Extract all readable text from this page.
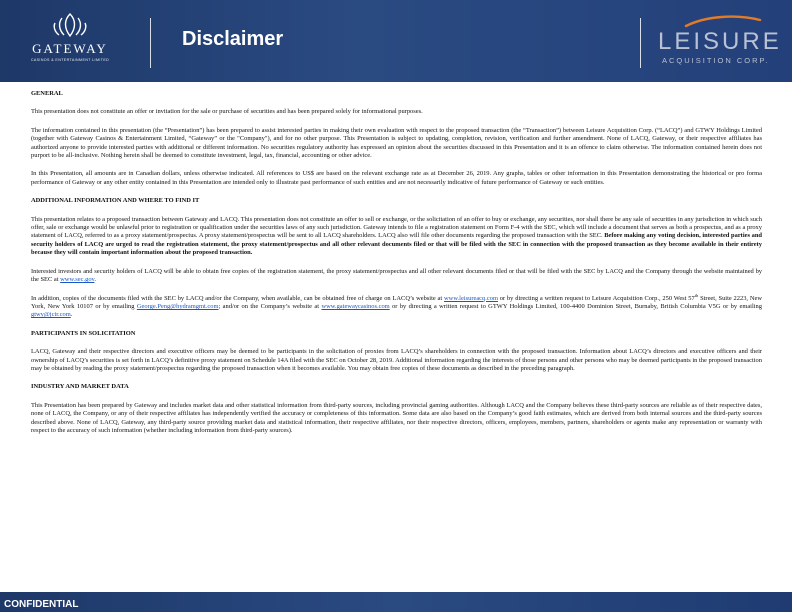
GATEWAY
CASINOS & ENTERTAINMENT LIMITED
Disclaimer	LEISURE
ACQUISITION CORP.
GENERAL

This presentation does not constitute an offer or invitation for the sale or purchase of securities and has been prepared solely for informational purposes.

The information contained in this presentation (the “Presentation”) has been prepared to assist interested parties in making their own evaluation with respect to the proposed transaction (the “Transaction”) between Leisure Acquisition Corp. (“LACQ”) and GTWY Holdings Limited (together with Gateway Casinos & Entertainment Limited, “Gateway” or the "Company"), and for no other purpose. This Presentation is subject to updating, completion, revision, verification and further amendment. None of LACQ, Gateway, or their respective affiliates has authorized anyone to provide interested parties with additional or different information. No securities regulatory authority has expressed an opinion about the securities discussed in this Presentation and it is an offence to claim otherwise. The information contained herein does not purport to be all-inclusive. Nothing herein shall be deemed to constitute investment, legal, tax, financial, accounting or other advice.

In this Presentation, all amounts are in Canadian dollars, unless otherwise indicated. All references to US$ are based on the relevant exchange rate as at December 26, 2019. Any graphs, tables or other information in this Presentation demonstrating the historical or pro forma performance of Gateway or any other entity contained in this Presentation are intended only to illustrate past performance of such entities and are not necessarily indicative of future performance of Gateway or such entities.

ADDITIONAL INFORMATION AND WHERE TO FIND IT

This presentation relates to a proposed transaction between Gateway and LACQ. This presentation does not constitute an offer to sell or exchange, or the solicitation of an offer to buy or exchange, any securities, nor shall there be any sale of securities in any jurisdiction in which such offer, sale or exchange would be unlawful prior to registration or qualification under the securities laws of any such jurisdiction. Gateway intends to file a registration statement on Form F-4 with the SEC, which will include a document that serves as both a prospectus, and as a proxy statement of LACQ, referred to as a proxy statement/prospectus. A proxy statement/prospectus will be sent to all LACQ shareholders. LACQ also will file other documents regarding the proposed transaction with the SEC. Before making any voting decision, interested parties and security holders of LACQ are urged to read the registration statement, the proxy statement/prospectus and all other relevant documents filed or that will be filed with the SEC in connection with the proposed transaction as they become available in their entirety because they will contain important information about the proposed transaction.

Interested investors and security holders of LACQ will be able to obtain free copies of the registration statement, the proxy statement/prospectus and all other relevant documents filed or that will be filed with the SEC by LACQ and the Company through the website maintained by the SEC at www.sec.gov.

In addition, copies of the documents filed with the SEC by LACQ and/or the Company, when available, can be obtained free of charge on LACQ’s website at www.leisureacq.com or by directing a written request to Leisure Acquisition Corp., 250 West 57th Street, Suite 2223, New York, New York 10107 or by emailing George.Peng@hydramgmt.com; and/or on the Company’s website at www.gatewaycasinos.com or by directing a written request to GTWY Holdings Limited, 100-4400 Dominion Street, Burnaby, British Columbia V5G or by emailing gtwy@jcir.com.

PARTICIPANTS IN SOLICITATION

LACQ, Gateway and their respective directors and executive officers may be deemed to be participants in the solicitation of proxies from LACQ’s shareholders in connection with the proposed transaction. Information about LACQ’s directors and executive officers and their ownership of LACQ’s securities is set forth in LACQ’s definitive proxy statement on Schedule 14A filed with the SEC on October 28, 2019. Additional information regarding the interests of those persons and other persons who may be deemed participants in the proposed transaction may be obtained by reading the proxy statement/prospectus regarding the proposed transaction when it becomes available. You may obtain free copies of these documents as described in the preceding paragraph.

INDUSTRY AND MARKET DATA

This Presentation has been prepared by Gateway and includes market data and other statistical information from third-party sources, including provincial gaming authorities. Although LACQ and the Company believes these third-party sources are reliable as of their respective dates, none of LACQ, the Company, or any of their respective affiliates has independently verified the accuracy or completeness of this information. Some data are also based on the Company’s good faith estimates, which are derived from both internal sources and the third-party sources described above. None of LACQ, Gateway, any third-party source providing market data and statistical information, their respective affiliates, nor their respective directors, officers, employees, members, partners, shareholders or agents make any representation or warranty with respect to the accuracy of such information (whether including information from third-party sources).

CONFIDENTIAL
